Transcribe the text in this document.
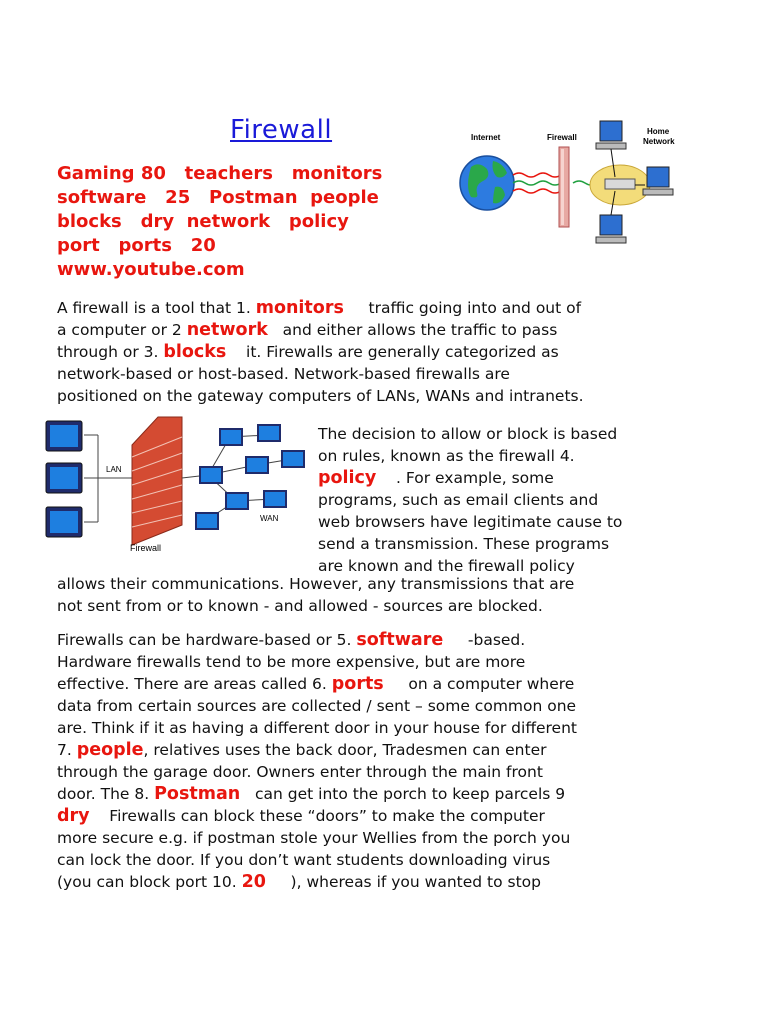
Firewall
Gaming 80   teachers   monitors
software   25   Postman  people
blocks   dry  network   policy
port   ports   20
www.youtube.com
Internet	Firewall
Home
Network
LAN
Firewall
WAN
A firewall is a tool that 1. monitors     traffic going into and out of
a computer or 2 network   and either allows the traffic to pass
through or 3. blocks    it. Firewalls are generally categorized as
network-based or host-based. Network-based firewalls are
positioned on the gateway computers of LANs, WANs and intranets.
The decision to allow or block is based
on rules, known as the firewall 4.
policy    . For example, some
programs, such as email clients and
web browsers have legitimate cause to
send a transmission. These programs
are known and the firewall policy
allows their communications. However, any transmissions that are
not sent from or to known - and allowed - sources are blocked.
Firewalls can be hardware-based or 5. software     -based.
Hardware firewalls tend to be more expensive, but are more
effective. There are areas called 6. ports     on a computer where
data from certain sources are collected / sent – some common one
are. Think if it as having a different door in your house for different
7. people, relatives uses the back door, Tradesmen can enter
through the garage door. Owners enter through the main front
door. The 8. Postman   can get into the porch to keep parcels 9
dry    Firewalls can block these “doors” to make the computer
more secure e.g. if postman stole your Wellies from the porch you
can lock the door. If you don’t want students downloading virus
(you can block port 10. 20     ), whereas if you wanted to stop
